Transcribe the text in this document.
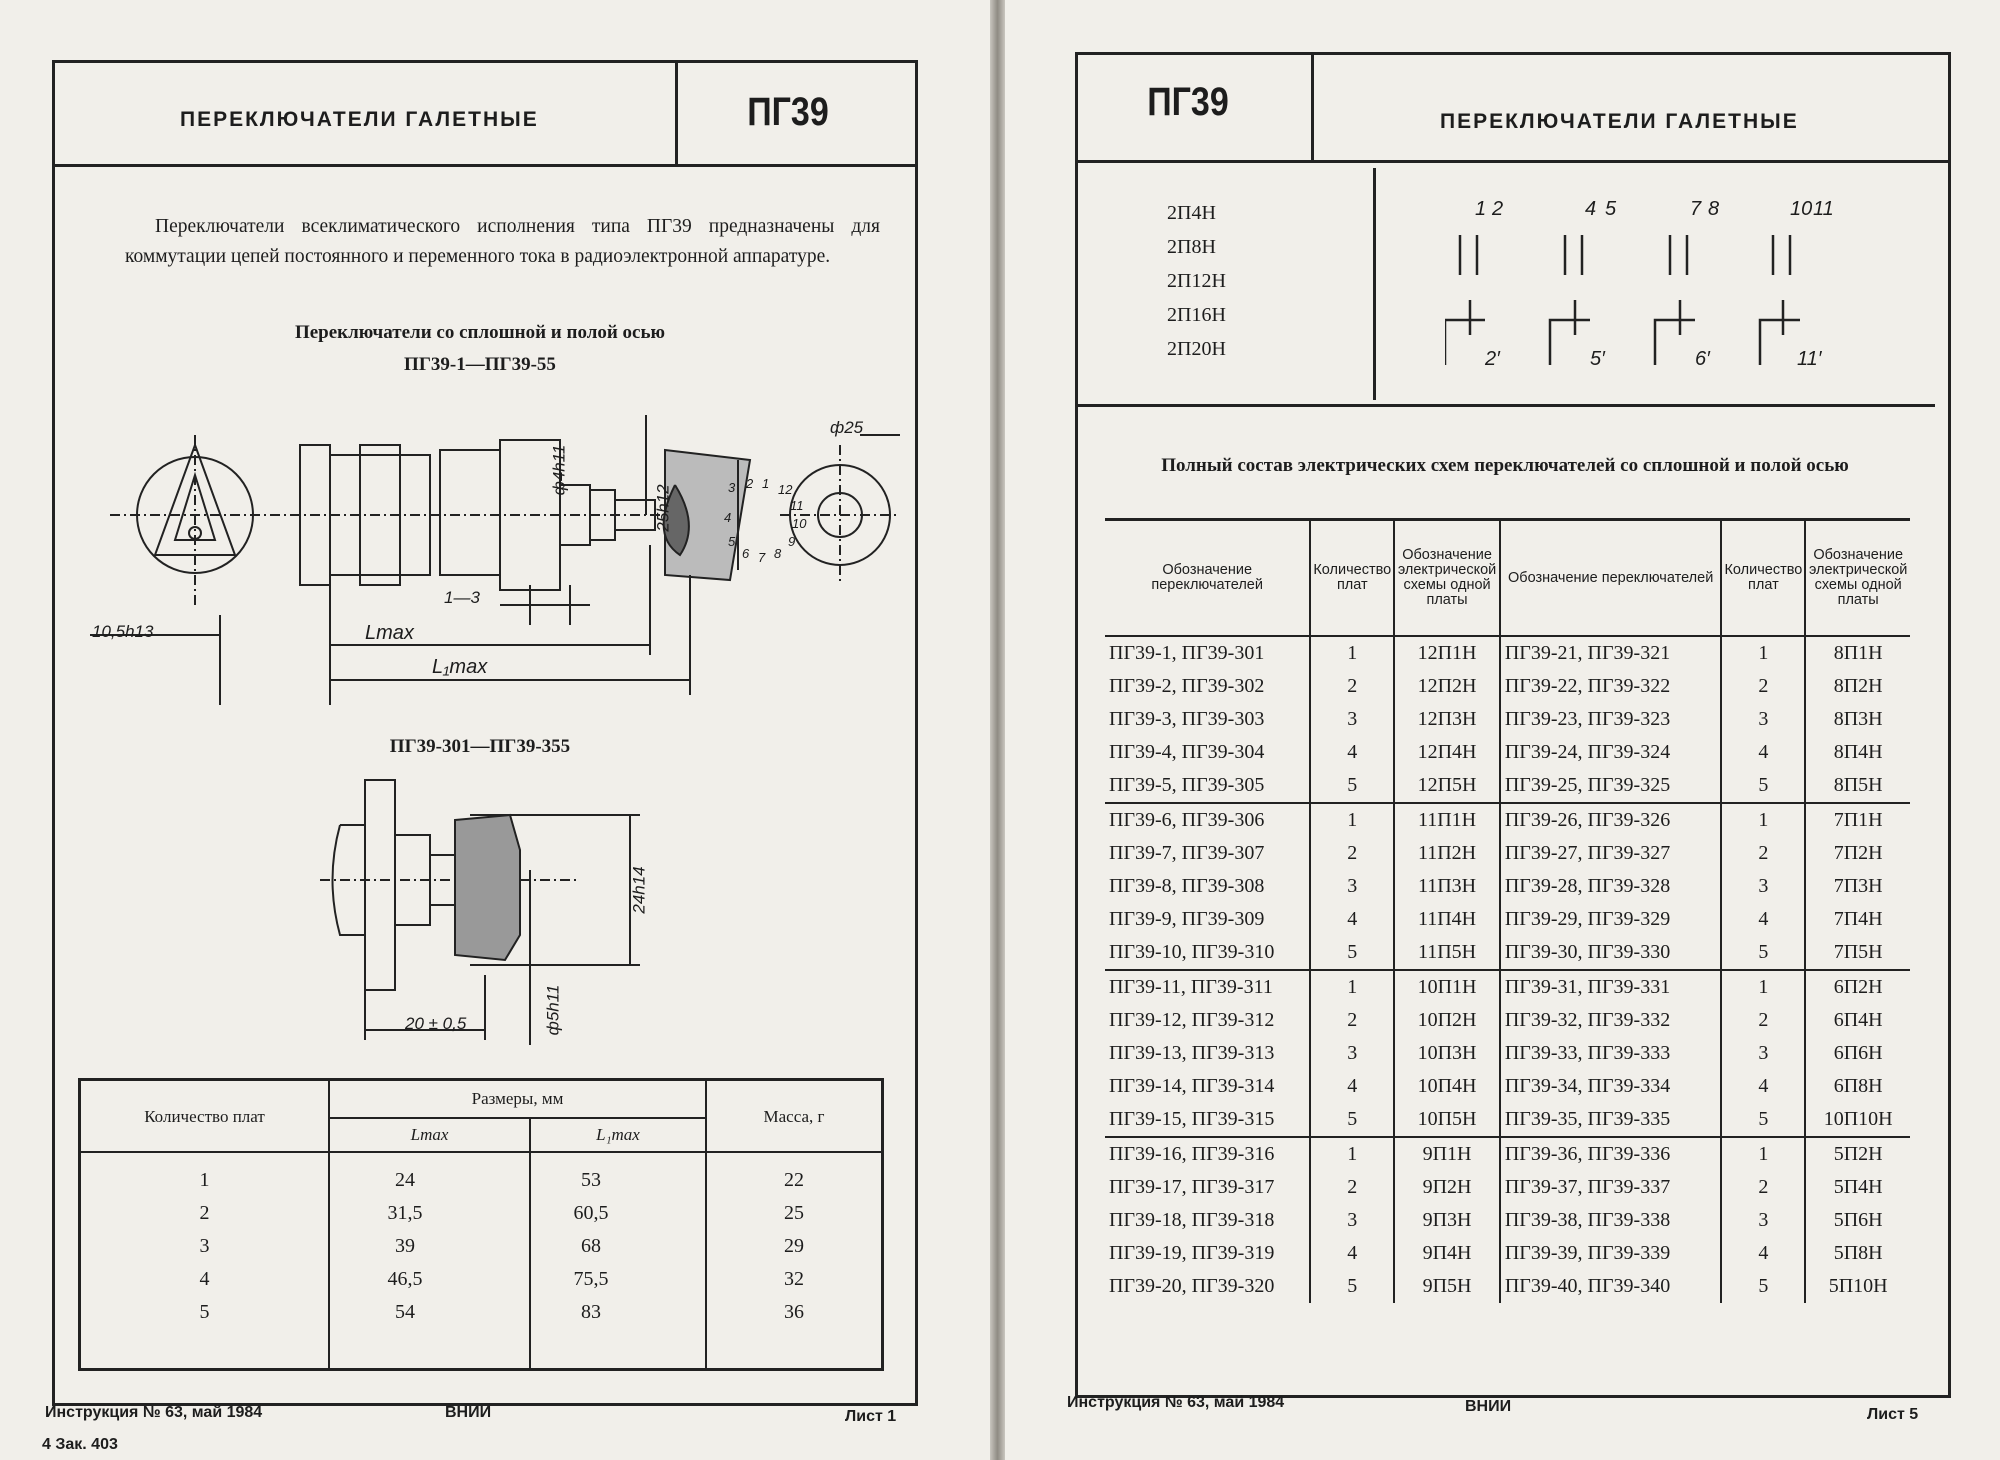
ПЕРЕКЛЮЧАТЕЛИ ГАЛЕТНЫЕ	ПГ39
Переключатели всеклиматического исполнения типа ПГ39 предназначены для коммутации цепей постоянного и переменного тока в радиоэлектронной аппаратуре.
Переключатели со сплошной и полой осью
ПГ39-1—ПГ39-55
ф25
ф4h11
25h12
1—3
Lmax
L₁max
10,5h13
3 2 1 12
11
10
9
8
7
6
5
4
ПГ39-301—ПГ39-355
24h14
20 ± 0,5	ф5h11
Количество плат
Размеры, мм
Lmax	L₁max
Масса, г
1	24	53	22
2	31,5	60,5	25
3	39	68	29
4	46,5	75,5	32
5	54	83	36
Инструкция № 63, май 1984	ВНИИ	Лист 1
4 Зак. 403
ПГ39	ПЕРЕКЛЮЧАТЕЛИ ГАЛЕТНЫЕ
2П4Н
2П8Н
2П12Н
2П16Н
2П20Н
1 2	4 5	7 8	10 11
2′	5′	6′	11′
Полный состав электрических схем переключателей со сплошной и полой осью
Обозначение переключателей	Количество плат	Обозначение электрической схемы одной платы	Обозначение переключателей	Количество плат	Обозначение электрической схемы одной платы
ПГ39-1, ПГ39-301	1	12П1Н	ПГ39-21, ПГ39-321	1	8П1Н
ПГ39-2, ПГ39-302	2	12П2Н	ПГ39-22, ПГ39-322	2	8П2Н
ПГ39-3, ПГ39-303	3	12П3Н	ПГ39-23, ПГ39-323	3	8П3Н
ПГ39-4, ПГ39-304	4	12П4Н	ПГ39-24, ПГ39-324	4	8П4Н
ПГ39-5, ПГ39-305	5	12П5Н	ПГ39-25, ПГ39-325	5	8П5Н
ПГ39-6, ПГ39-306	1	11П1Н	ПГ39-26, ПГ39-326	1	7П1Н
ПГ39-7, ПГ39-307	2	11П2Н	ПГ39-27, ПГ39-327	2	7П2Н
ПГ39-8, ПГ39-308	3	11П3Н	ПГ39-28, ПГ39-328	3	7П3Н
ПГ39-9, ПГ39-309	4	11П4Н	ПГ39-29, ПГ39-329	4	7П4Н
ПГ39-10, ПГ39-310	5	11П5Н	ПГ39-30, ПГ39-330	5	7П5Н
ПГ39-11, ПГ39-311	1	10П1Н	ПГ39-31, ПГ39-331	1	6П2Н
ПГ39-12, ПГ39-312	2	10П2Н	ПГ39-32, ПГ39-332	2	6П4Н
ПГ39-13, ПГ39-313	3	10П3Н	ПГ39-33, ПГ39-333	3	6П6Н
ПГ39-14, ПГ39-314	4	10П4Н	ПГ39-34, ПГ39-334	4	6П8Н
ПГ39-15, ПГ39-315	5	10П5Н	ПГ39-35, ПГ39-335	5	10П10Н
ПГ39-16, ПГ39-316	1	9П1Н	ПГ39-36, ПГ39-336	1	5П2Н
ПГ39-17, ПГ39-317	2	9П2Н	ПГ39-37, ПГ39-337	2	5П4Н
ПГ39-18, ПГ39-318	3	9П3Н	ПГ39-38, ПГ39-338	3	5П6Н
ПГ39-19, ПГ39-319	4	9П4Н	ПГ39-39, ПГ39-339	4	5П8Н
ПГ39-20, ПГ39-320	5	9П5Н	ПГ39-40, ПГ39-340	5	5П10Н
Инструкция № 63, май 1984	ВНИИ	Лист 5
